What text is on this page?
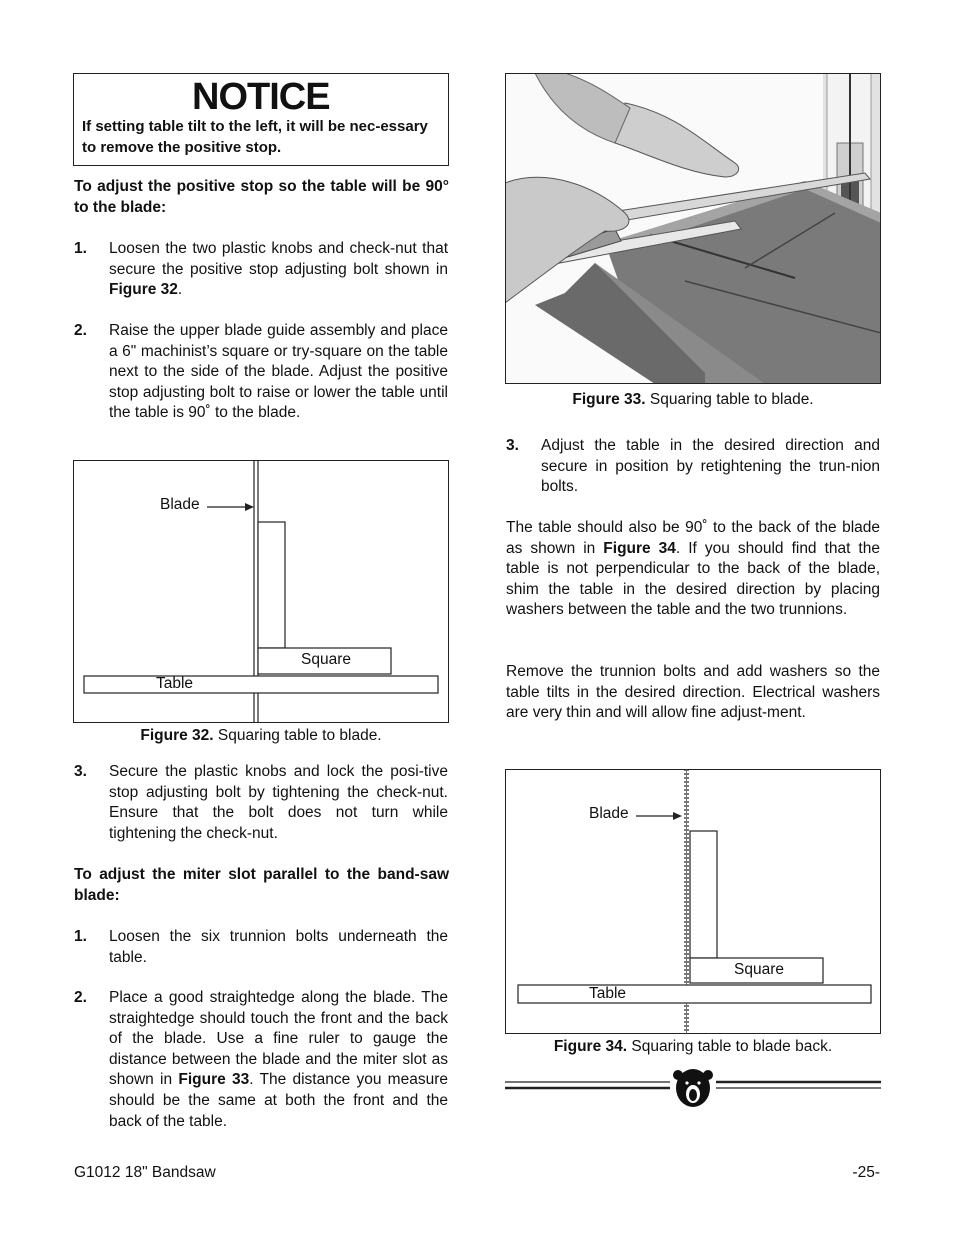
NOTICE
If setting table tilt to the left, it will be nec-essary to remove the positive stop.
To adjust the positive stop so the table will be 90° to the blade:
1. Loosen the two plastic knobs and check-nut that secure the positive stop adjusting bolt shown in Figure 32.
2. Raise the upper blade guide assembly and place a 6" machinist’s square or try-square on the table next to the side of the blade. Adjust the positive stop adjusting bolt to raise or lower the table until the table is 90˚ to the blade.
Blade
Square
Table
Figure 32. Squaring table to blade.
3. Secure the plastic knobs and lock the posi-tive stop adjusting bolt by tightening the check-nut. Ensure that the bolt does not turn while tightening the check-nut.
To adjust the miter slot parallel to the band-saw blade:
1. Loosen the six trunnion bolts underneath the table.
2. Place a good straightedge along the blade. The straightedge should touch the front and the back of the blade. Use a fine ruler to gauge the distance between the blade and the miter slot as shown in Figure 33. The distance you measure should be the same at both the front and the back of the table.
Figure 33. Squaring table to blade.
3. Adjust the table in the desired direction and secure in position by retightening the trun-nion bolts.
The table should also be 90˚ to the back of the blade as shown in Figure 34. If you should find that the table is not perpendicular to the back of the blade, shim the table in the desired direction by placing washers between the table and the two trunnions.
Remove the trunnion bolts and add washers so the table tilts in the desired direction. Electrical washers are very thin and will allow fine adjust-ment.
Blade
Square
Table
Figure 34. Squaring table to blade back.
G1012 18" Bandsaw	-25-
